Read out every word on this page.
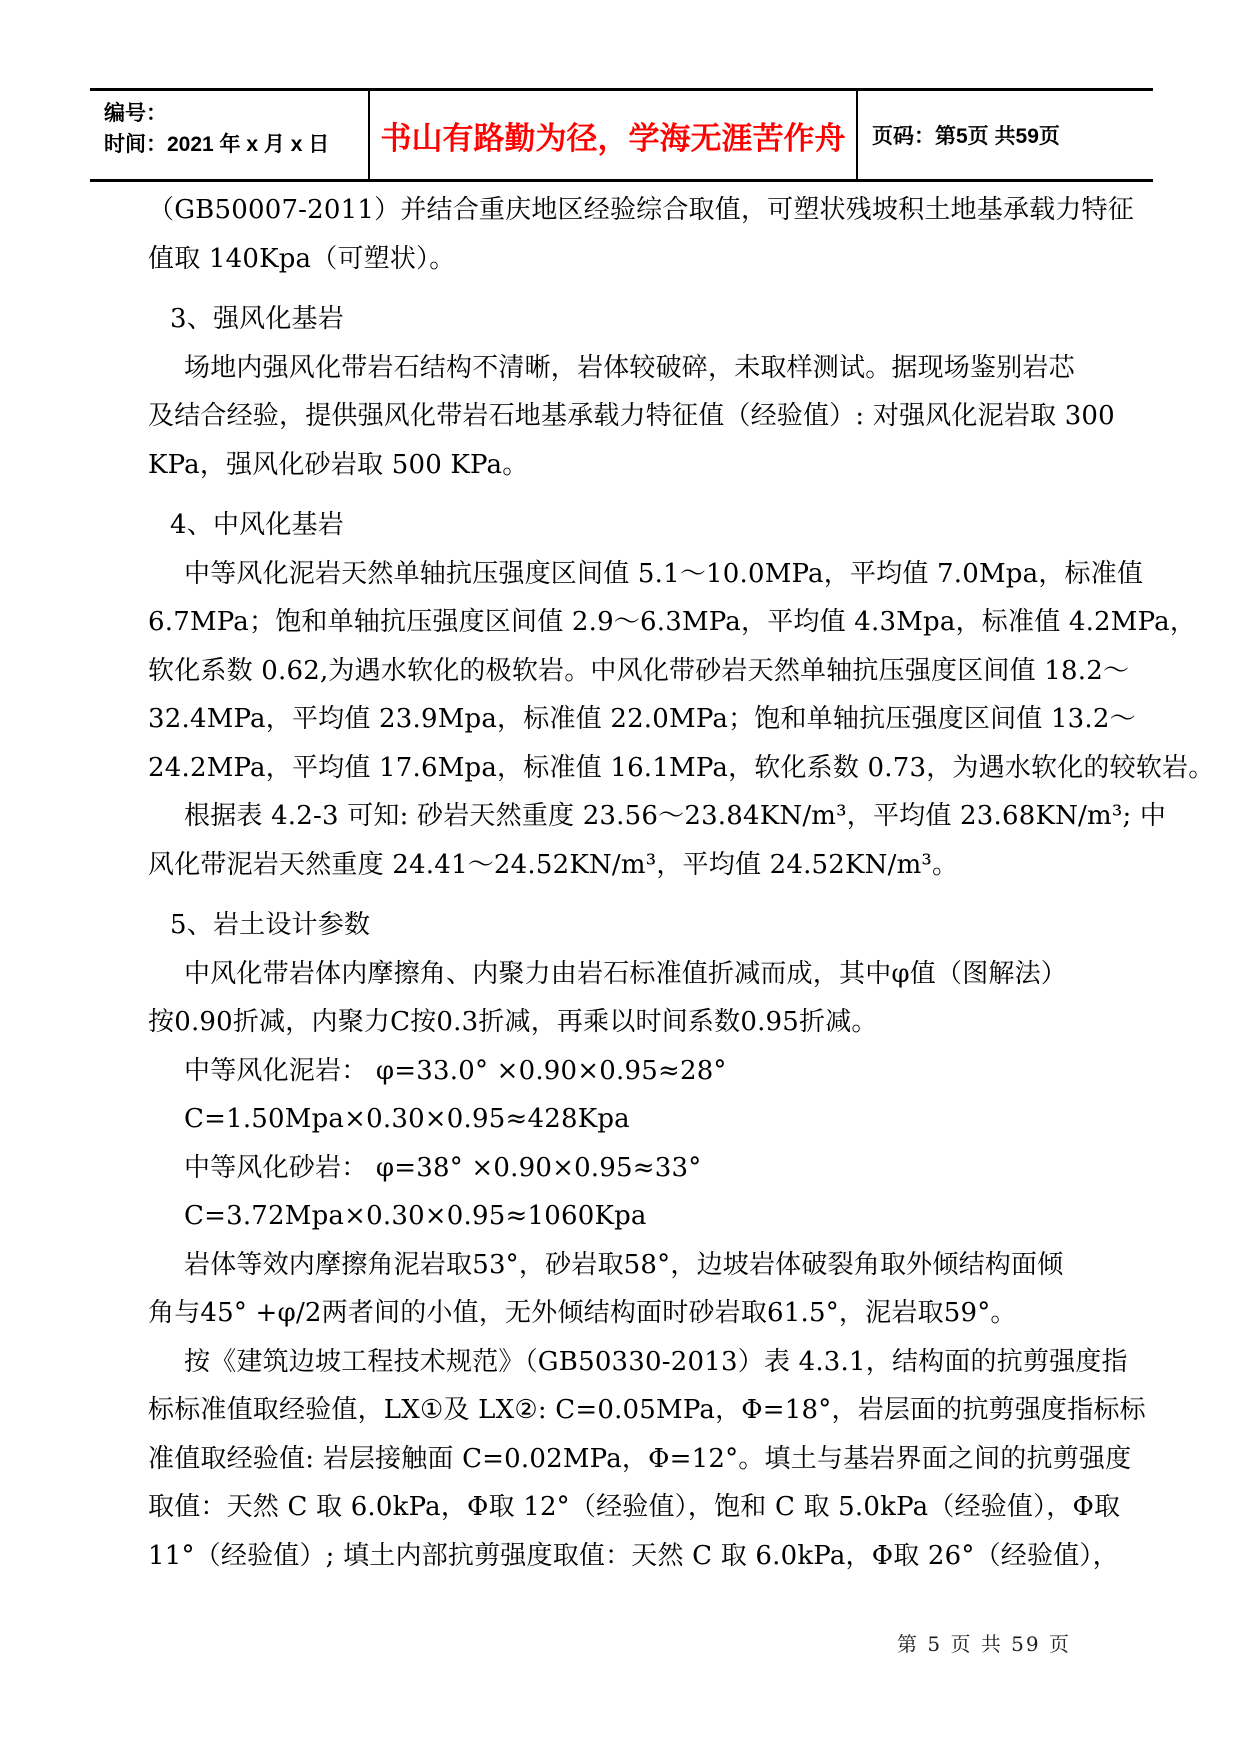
编号：
时间：2021 年 x 月 x 日	书山有路勤为径，学海无涯苦作舟 页码：第5页 共59页
（GB50007-2011）并结合重庆地区经验综合取值，可塑状残坡积土地基承载力特征
值取 140Kpa（可塑状）。
3、强风化基岩
场地内强风化带岩石结构不清晰，岩体较破碎，未取样测试。据现场鉴别岩芯
及结合经验，提供强风化带岩石地基承载力特征值（经验值）: 对强风化泥岩取 300
KPa，强风化砂岩取 500 KPa。
4、中风化基岩
中等风化泥岩天然单轴抗压强度区间值 5.1～10.0MPa，平均值 7.0Mpa，标准值
6.7MPa；饱和单轴抗压强度区间值 2.9～6.3MPa，平均值 4.3Mpa，标准值 4.2MPa，
软化系数 0.62,为遇水软化的极软岩。中风化带砂岩天然单轴抗压强度区间值 18.2～
32.4MPa，平均值 23.9Mpa，标准值 22.0MPa；饱和单轴抗压强度区间值 13.2～
24.2MPa，平均值 17.6Mpa，标准值 16.1MPa，软化系数 0.73，为遇水软化的较软岩。
根据表 4.2-3 可知: 砂岩天然重度 23.56～23.84KN/m³，平均值 23.68KN/m³; 中
风化带泥岩天然重度 24.41～24.52KN/m³，平均值 24.52KN/m³。
5、岩土设计参数
中风化带岩体内摩擦角、内聚力由岩石标准值折减而成，其中φ值（图解法）
按0.90折减，内聚力C按0.3折减，再乘以时间系数0.95折减。
中等风化泥岩： φ=33.0° ×0.90×0.95≈28°
C=1.50Mpa×0.30×0.95≈428Kpa
中等风化砂岩： φ=38° ×0.90×0.95≈33°
C=3.72Mpa×0.30×0.95≈1060Kpa
岩体等效内摩擦角泥岩取53°，砂岩取58°，边坡岩体破裂角取外倾结构面倾
角与45° +φ/2两者间的小值，无外倾结构面时砂岩取61.5°，泥岩取59°。
按《建筑边坡工程技术规范》（GB50330-2013）表 4.3.1，结构面的抗剪强度指
标标准值取经验值，LX①及 LX②: C=0.05MPa，Φ=18°，岩层面的抗剪强度指标标
准值取经验值: 岩层接触面 C=0.02MPa，Φ=12°。填土与基岩界面之间的抗剪强度
取值：天然 C 取 6.0kPa，Φ取 12°（经验值），饱和 C 取 5.0kPa（经验值），Φ取
11°（经验值）; 填土内部抗剪强度取值：天然 C 取 6.0kPa，Φ取 26°（经验值），
第 5 页 共 59 页
